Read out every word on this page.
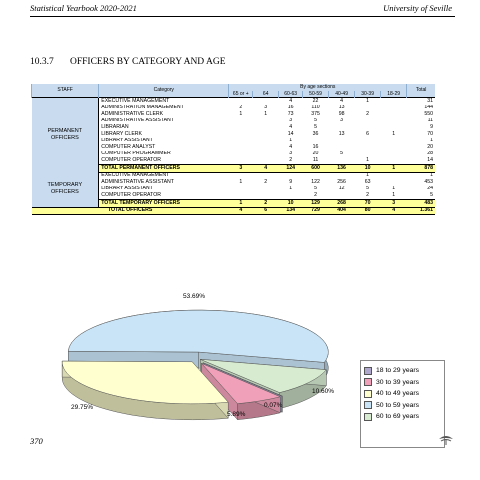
Statistical Yearbook 2020-2021	University of Seville
10.3.7 OFFICERS BY CATEGORY AND AGE
STAFF	Category	By age sections							Total
		65 or +	64	60-63	50-59	40-49	30-39	18-29	
PERMANENT OFFICERS	EXECUTIVE MANAGEMENT			4	22	4	1		31
	ADMINISTRATION MANAGEMENT	2	3	16	110	13			144
	ADMINISTRATIVE CLERK	1	1	73	375	98	2		550
	ADMINISTRATIVE ASSISTANT			3	5	3			11
	LIBRARIAN			4	5				9
	LIBRARY CLERK			14	36	13	6	1	70
	LIBRARY ASSISTANT			1					1
	COMPUTER ANALYST			4	16				20
	COMPUTER PROGRAMMER			3	20	5			28
	COMPUTER OPERATOR			2	11		1		14
	TOTAL PERMANENT OFFICERS	3	4	124	600	136	10	1	878
TEMPORARY OFFICERS	EXECUTIVE MANAGEMENT						1		1
	ADMINISTRATIVE ASSISTANT	1	2	9	122	256	63		453
	LIBRARY ASSISTANT			1	5	12	5	1	24
	COMPUTER OPERATOR				2		2	1	5
	TOTAL TEMPORARY OFFICERS	1	2	10	129	268	70	3	483
TOTAL OFFICERS		4	6	134	729	404	80	4	1.361
53.69%
10.60%
0.07%
5.89%
29.75%
18 to 29 years
30 to 39 years
40 to 49 years
50 to 59 years
60 to 69 years
370
